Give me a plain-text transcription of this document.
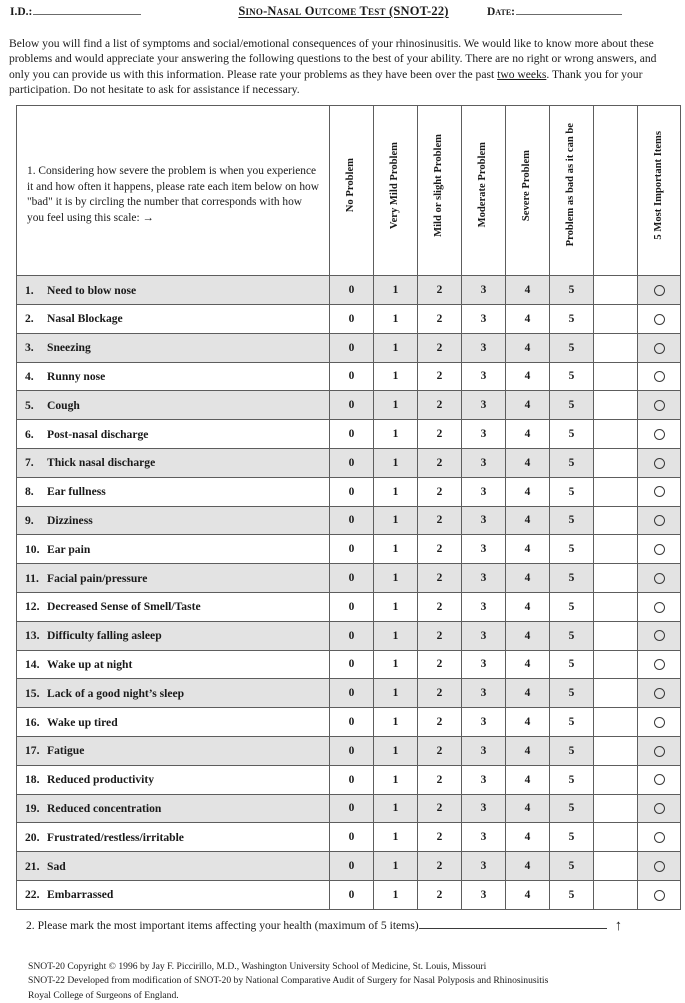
I.D.:	Sino-Nasal Outcome Test (SNOT-22)	Date:
Below you will find a list of symptoms and social/emotional consequences of your rhinosinusitis. We would like to know more about these problems and would appreciate your answering the following questions to the best of your ability. There are no right or wrong answers, and only you can provide us with this information. Please rate your problems as they have been over the past two weeks. Thank you for your participation. Do not hesitate to ask for assistance if necessary.
1. Considering how severe the problem is when you experience it and how often it happens, please rate each item below on how "bad" it is by circling the number that corresponds with how you feel using this scale: →	No Problem	Very Mild Problem	Mild or slight Problem	Moderate Problem	Severe Problem	Problem as bad as it can be		5 Most Important Items
1. Need to blow nose	0	1	2	3	4	5		
2. Nasal Blockage	0	1	2	3	4	5		
3. Sneezing	0	1	2	3	4	5		
4. Runny nose	0	1	2	3	4	5		
5. Cough	0	1	2	3	4	5		
6. Post-nasal discharge	0	1	2	3	4	5		
7. Thick nasal discharge	0	1	2	3	4	5		
8. Ear fullness	0	1	2	3	4	5		
9. Dizziness	0	1	2	3	4	5		
10. Ear pain	0	1	2	3	4	5		
11. Facial pain/pressure	0	1	2	3	4	5		
12. Decreased Sense of Smell/Taste	0	1	2	3	4	5		
13. Difficulty falling asleep	0	1	2	3	4	5		
14. Wake up at night	0	1	2	3	4	5		
15. Lack of a good night’s sleep	0	1	2	3	4	5		
16. Wake up tired	0	1	2	3	4	5		
17. Fatigue	0	1	2	3	4	5		
18. Reduced productivity	0	1	2	3	4	5		
19. Reduced concentration	0	1	2	3	4	5		
20. Frustrated/restless/irritable	0	1	2	3	4	5		
21. Sad	0	1	2	3	4	5		
22. Embarrassed	0	1	2	3	4	5		
2. Please mark the most important items affecting your health (maximum of 5 items)	↑
SNOT-20 Copyright © 1996 by Jay F. Piccirillo, M.D., Washington University School of Medicine, St. Louis, Missouri
SNOT-22 Developed from modification of SNOT-20 by National Comparative Audit of Surgery for Nasal Polyposis and Rhinosinusitis
Royal College of Surgeons of England.
